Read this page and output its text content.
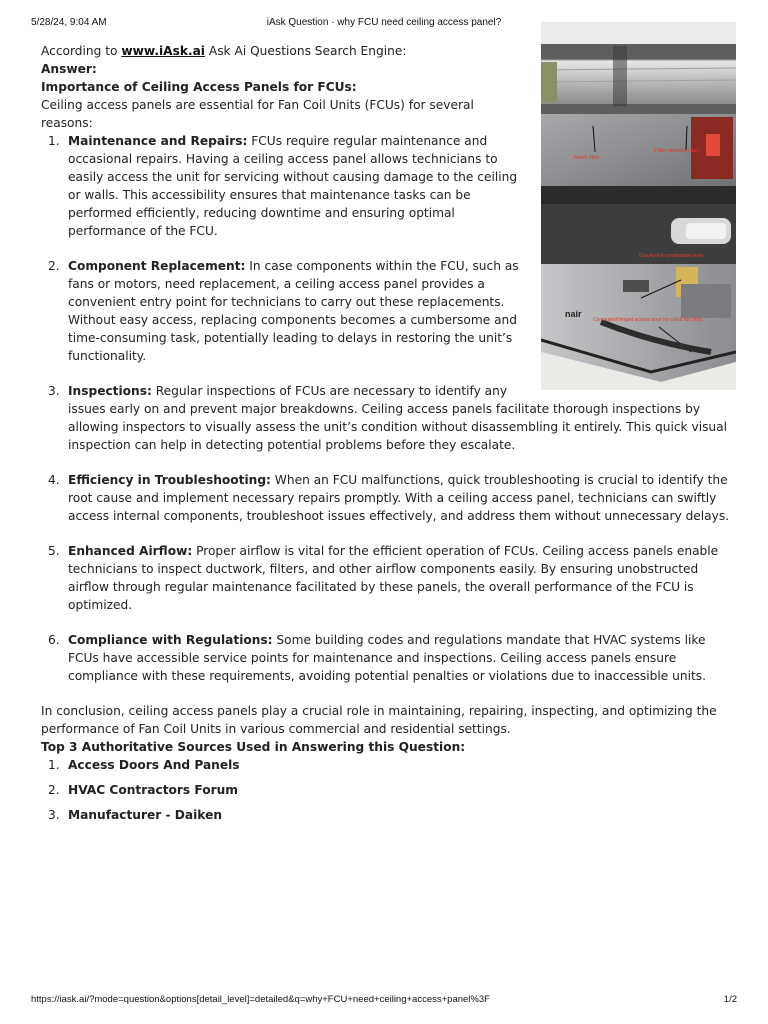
5/28/24, 9:04 AM	iAsk Question · why FCU need ceiling access panel?

According to www.iAsk.ai Ask Ai Questions Search Engine:

Answer:

Mesh filter
Filter retaining box
Gravity-fed condensate drain
nair
Concealed hinged access door for coil & fan deck

Importance of Ceiling Access Panels for FCUs:

Ceiling access panels are essential for Fan Coil Units (FCUs) for several reasons:

1. Maintenance and Repairs: FCUs require regular maintenance and occasional repairs. Having a ceiling access panel allows technicians to easily access the unit for servicing without causing damage to the ceiling or walls. This accessibility ensures that maintenance tasks can be performed efficiently, reducing downtime and ensuring optimal performance of the FCU.
2. Component Replacement: In case components within the FCU, such as fans or motors, need replacement, a ceiling access panel provides a convenient entry point for technicians to carry out these replacements. Without easy access, replacing components becomes a cumbersome and time-consuming task, potentially leading to delays in restoring the unit’s functionality.
3. Inspections: Regular inspections of FCUs are necessary to identify any issues early on and prevent major breakdowns. Ceiling access panels facilitate thorough inspections by allowing inspectors to visually assess the unit’s condition without disassembling it entirely. This quick visual inspection can help in detecting potential problems before they escalate.
4. Efficiency in Troubleshooting: When an FCU malfunctions, quick troubleshooting is crucial to identify the root cause and implement necessary repairs promptly. With a ceiling access panel, technicians can swiftly access internal components, troubleshoot issues effectively, and address them without unnecessary delays.
5. Enhanced Airflow: Proper airflow is vital for the efficient operation of FCUs. Ceiling access panels enable technicians to inspect ductwork, filters, and other airflow components easily. By ensuring unobstructed airflow through regular maintenance facilitated by these panels, the overall performance of the FCU is optimized.
6. Compliance with Regulations: Some building codes and regulations mandate that HVAC systems like FCUs have accessible service points for maintenance and inspections. Ceiling access panels ensure compliance with these requirements, avoiding potential penalties or violations due to inaccessible units.

In conclusion, ceiling access panels play a crucial role in maintaining, repairing, inspecting, and optimizing the performance of Fan Coil Units in various commercial and residential settings.

Top 3 Authoritative Sources Used in Answering this Question:

1. Access Doors And Panels
2. HVAC Contractors Forum
3. Manufacturer - Daiken
https://iask.ai/?mode=question&options[detail_level]=detailed&q=why+FCU+need+ceiling+access+panel%3F	1/2
